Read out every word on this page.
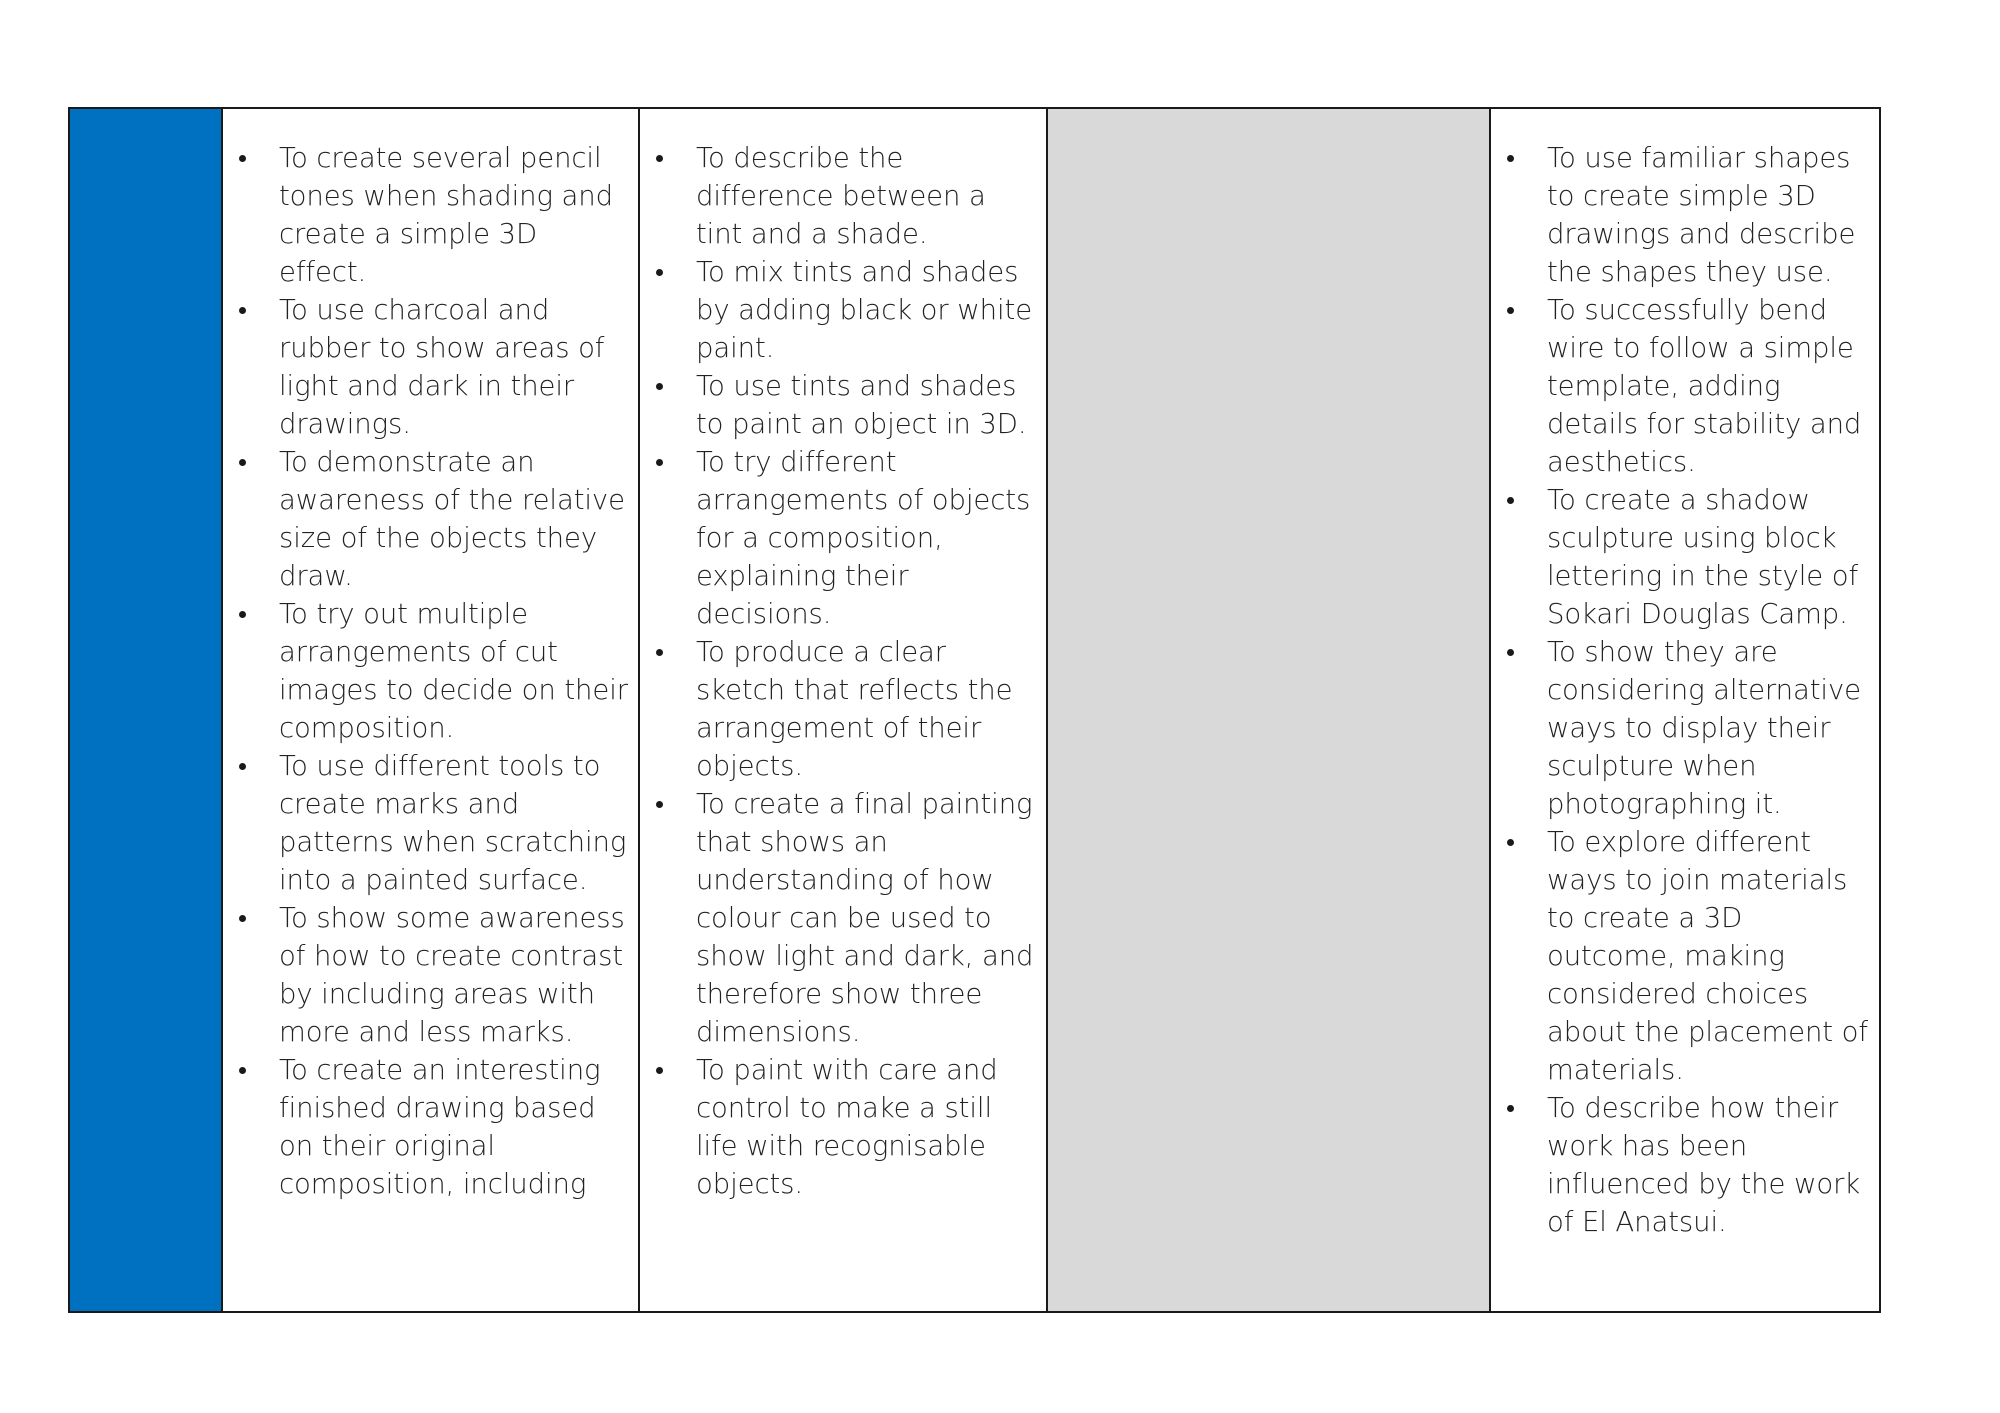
To create several pencil tones when shading and create a simple 3D effect.
To use charcoal and rubber to show areas of light and dark in their drawings.
To demonstrate an awareness of the relative size of the objects they draw.
To try out multiple arrangements of cut images to decide on their composition.
To use different tools to create marks and patterns when scratching into a painted surface.
To show some awareness of how to create contrast by including areas with more and less marks.
To create an interesting finished drawing based on their original composition, including
To describe the difference between a tint and a shade.
To mix tints and shades by adding black or white paint.
To use tints and shades to paint an object in 3D.
To try different arrangements of objects for a composition, explaining their decisions.
To produce a clear sketch that reflects the arrangement of their objects.
To create a final painting that shows an understanding of how colour can be used to show light and dark, and therefore show three dimensions.
To paint with care and control to make a still life with recognisable objects.
To use familiar shapes to create simple 3D drawings and describe the shapes they use.
To successfully bend wire to follow a simple template, adding details for stability and aesthetics.
To create a shadow sculpture using block lettering in the style of Sokari Douglas Camp.
To show they are considering alternative ways to display their sculpture when photographing it.
To explore different ways to join materials to create a 3D outcome, making considered choices about the placement of materials.
To describe how their work has been influenced by the work of El Anatsui.
